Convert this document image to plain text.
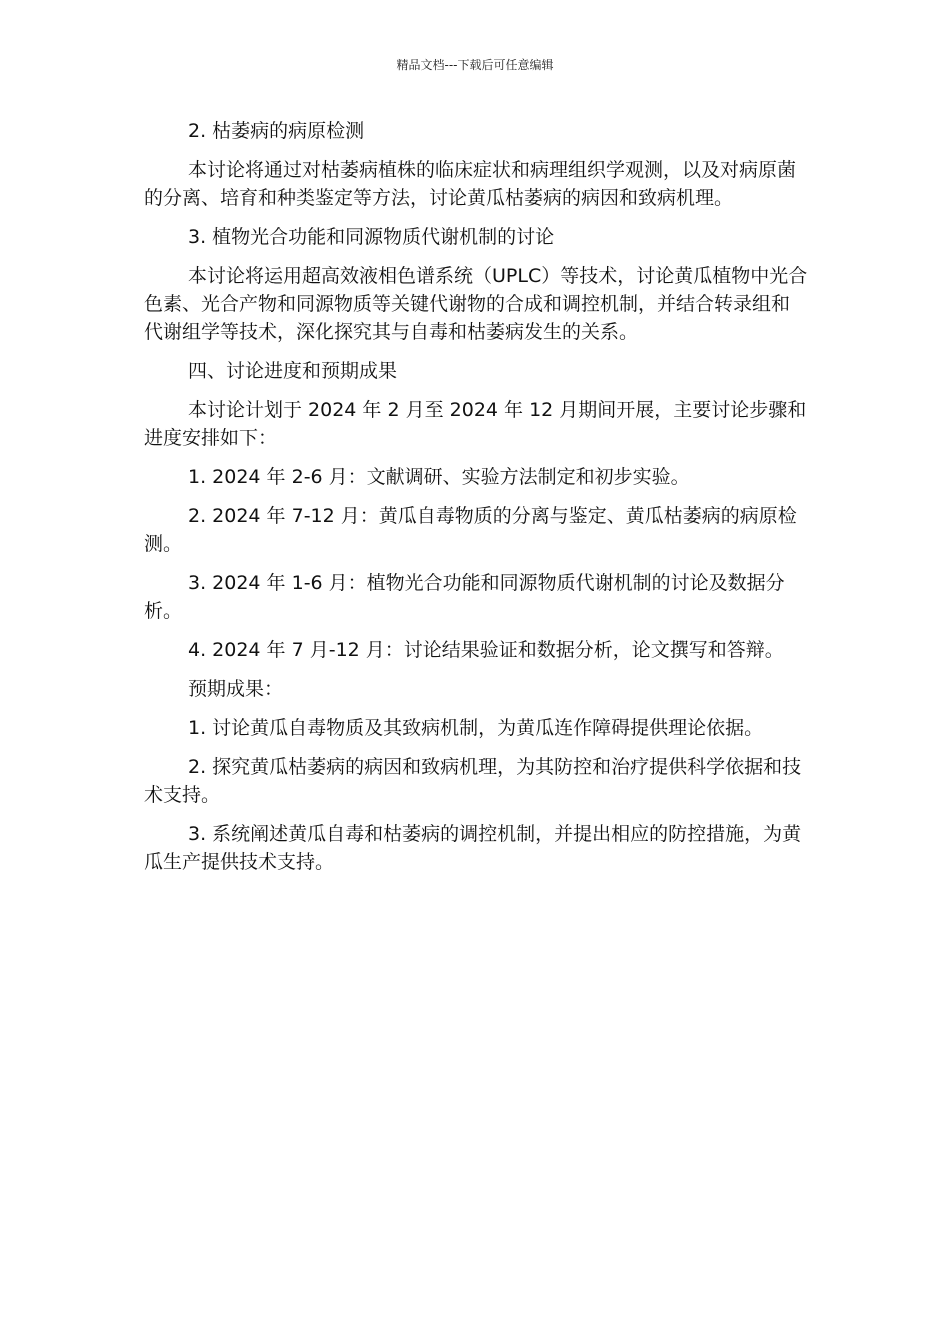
精品文档---下载后可任意编辑

2. 枯萎病的病原检测

本讨论将通过对枯萎病植株的临床症状和病理组织学观测，以及对病原菌的分离、培育和种类鉴定等方法，讨论黄瓜枯萎病的病因和致病机理。

3. 植物光合功能和同源物质代谢机制的讨论

本讨论将运用超高效液相色谱系统（UPLC）等技术，讨论黄瓜植物中光合色素、光合产物和同源物质等关键代谢物的合成和调控机制，并结合转录组和代谢组学等技术，深化探究其与自毒和枯萎病发生的关系。

四、讨论进度和预期成果

本讨论计划于 2024 年 2 月至 2024 年 12 月期间开展，主要讨论步骤和进度安排如下：

1. 2024 年 2-6 月：文献调研、实验方法制定和初步实验。

2. 2024 年 7-12 月：黄瓜自毒物质的分离与鉴定、黄瓜枯萎病的病原检测。

3. 2024 年 1-6 月：植物光合功能和同源物质代谢机制的讨论及数据分析。

4. 2024 年 7 月-12 月：讨论结果验证和数据分析，论文撰写和答辩。

预期成果：

1. 讨论黄瓜自毒物质及其致病机制，为黄瓜连作障碍提供理论依据。

2. 探究黄瓜枯萎病的病因和致病机理，为其防控和治疗提供科学依据和技术支持。

3. 系统阐述黄瓜自毒和枯萎病的调控机制，并提出相应的防控措施，为黄瓜生产提供技术支持。
